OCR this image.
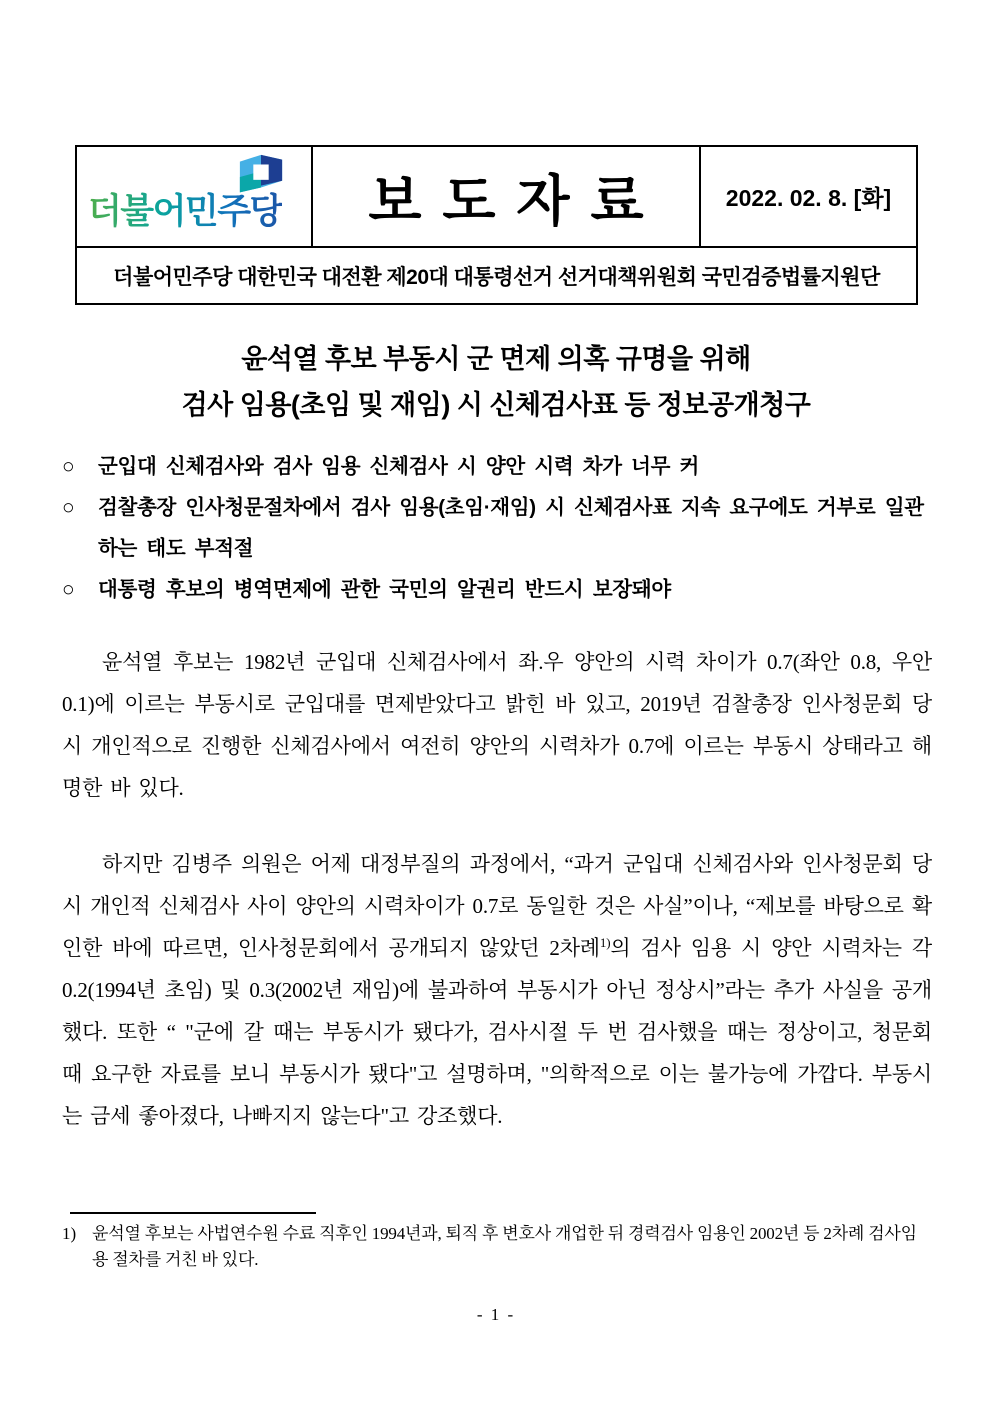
더불어민주당	보도자료	2022. 02. 8. [화]
더불어민주당 대한민국 대전환 제20대 대통령선거 선거대책위원회 국민검증법률지원단
윤석열 후보 부동시 군 면제 의혹 규명을 위해
검사 임용(초임 및 재임) 시 신체검사표 등 정보공개청구
○	군입대 신체검사와 검사 임용 신체검사 시 양안 시력 차가 너무 커
○	검찰총장 인사청문절차에서 검사 임용(초임·재임) 시 신체검사표 지속 요구에도 거부로 일관하는 태도 부적절
○	대통령 후보의 병역면제에 관한 국민의 알권리 반드시 보장돼야

윤석열 후보는 1982년 군입대 신체검사에서 좌.우 양안의 시력 차이가 0.7(좌안 0.8, 우안 0.1)에 이르는 부동시로 군입대를 면제받았다고 밝힌 바 있고, 2019년 검찰총장 인사청문회 당시 개인적으로 진행한 신체검사에서 여전히 양안의 시력차가 0.7에 이르는 부동시 상태라고 해명한 바 있다.

하지만 김병주 의원은 어제 대정부질의 과정에서, “과거 군입대 신체검사와 인사청문회 당시 개인적 신체검사 사이 양안의 시력차이가 0.7로 동일한 것은 사실”이나, “제보를 바탕으로 확인한 바에 따르면, 인사청문회에서 공개되지 않았던 2차례$^{1)}$의 검사 임용 시 양안 시력차는 각 0.2(1994년 초임) 및 0.3(2002년 재임)에 불과하여 부동시가 아닌 정상시”라는 추가 사실을 공개했다. 또한 “ "군에 갈 때는 부동시가 됐다가, 검사시절 두 번 검사했을 때는 정상이고, 청문회 때 요구한 자료를 보니 부동시가 됐다"고 설명하며, "의학적으로 이는 불가능에 가깝다. 부동시는 금세 좋아졌다, 나빠지지 않는다"고 강조했다.

1) 윤석열 후보는 사법연수원 수료 직후인 1994년과, 퇴직 후 변호사 개업한 뒤 경력검사 임용인 2002년 등 2차례 검사임용 절차를 거친 바 있다.
- 1 -
